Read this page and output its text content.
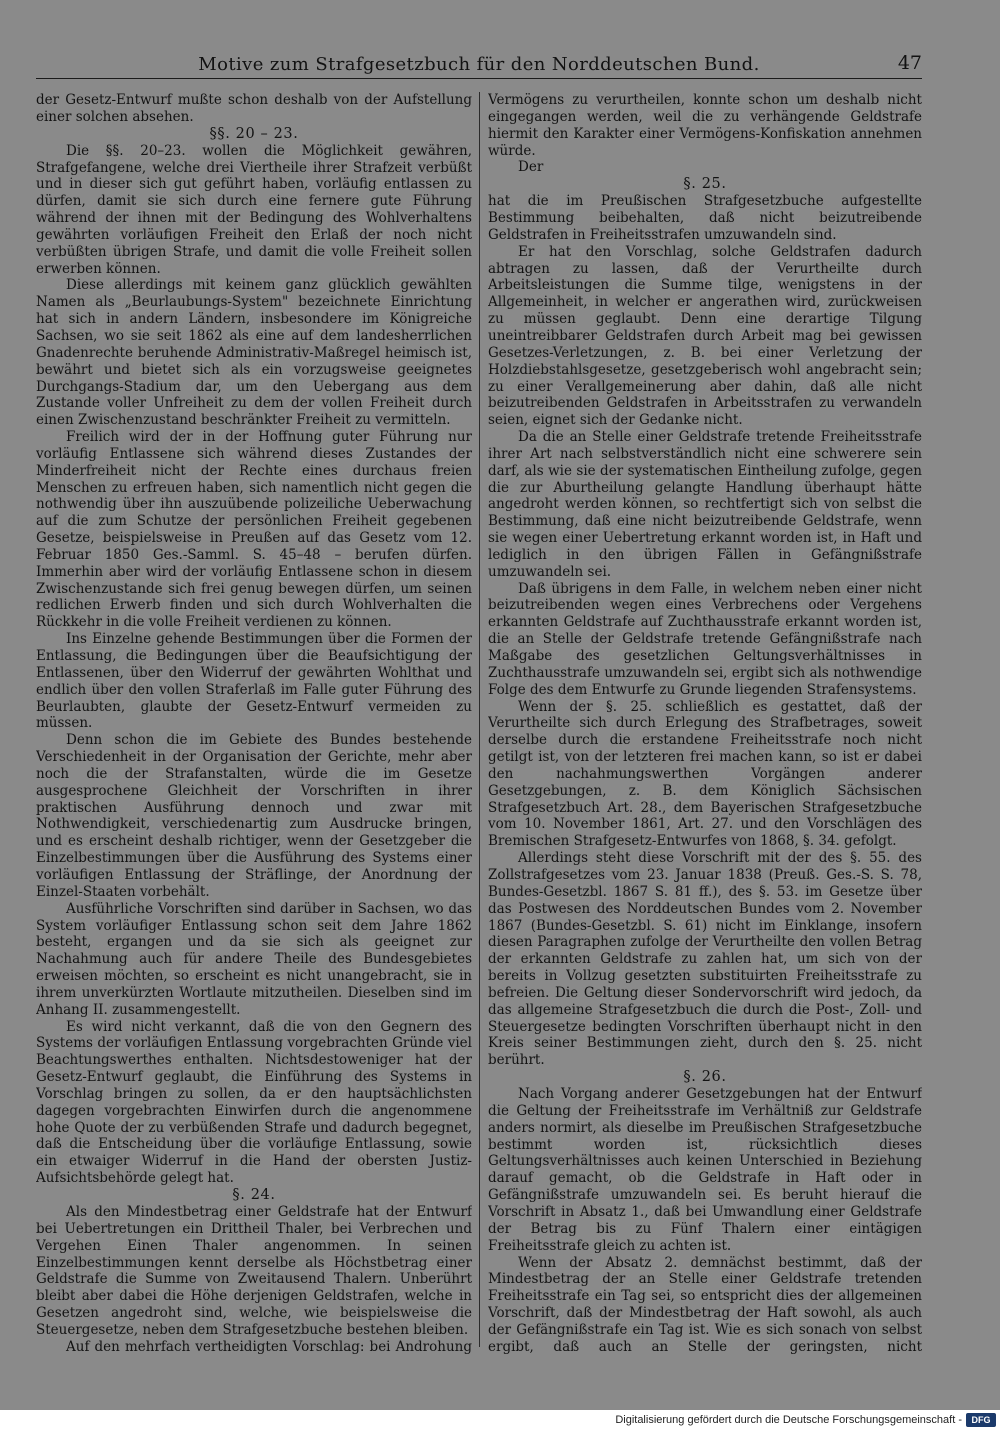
Motive zum Strafgesetzbuch für den Norddeutschen Bund.	47

der Gesetz-Entwurf mußte schon deshalb von der Aufstellung einer solchen absehen.

§§. 20 – 23.

Die §§. 20–23. wollen die Möglichkeit gewähren, Strafgefangene, welche drei Viertheile ihrer Strafzeit verbüßt und in dieser sich gut geführt haben, vorläufig entlassen zu dürfen, damit sie sich durch eine fernere gute Führung während der ihnen mit der Bedingung des Wohlverhaltens gewährten vorläufigen Freiheit den Erlaß der noch nicht verbüßten übrigen Strafe, und damit die volle Freiheit sollen erwerben können.

Diese allerdings mit keinem ganz glücklich gewählten Namen als „Beurlaubungs-System" bezeichnete Einrichtung hat sich in andern Ländern, insbesondere im Königreiche Sachsen, wo sie seit 1862 als eine auf dem landesherrlichen Gnadenrechte beruhende Administrativ-Maßregel heimisch ist, bewährt und bietet sich als ein vorzugsweise geeignetes Durchgangs-Stadium dar, um den Uebergang aus dem Zustande voller Unfreiheit zu dem der vollen Freiheit durch einen Zwischenzustand beschränkter Freiheit zu vermitteln.

Freilich wird der in der Hoffnung guter Führung nur vorläufig Entlassene sich während dieses Zustandes der Minderfreiheit nicht der Rechte eines durchaus freien Menschen zu erfreuen haben, sich namentlich nicht gegen die nothwendig über ihn auszuübende polizeiliche Ueberwachung auf die zum Schutze der persönlichen Freiheit gegebenen Gesetze, beispielsweise in Preußen auf das Gesetz vom 12. Februar 1850 Ges.-Samml. S. 45–48 – berufen dürfen. Immerhin aber wird der vorläufig Entlassene schon in diesem Zwischenzustande sich frei genug bewegen dürfen, um seinen redlichen Erwerb finden und sich durch Wohlverhalten die Rückkehr in die volle Freiheit verdienen zu können.

Ins Einzelne gehende Bestimmungen über die Formen der Entlassung, die Bedingungen über die Beaufsichtigung der Entlassenen, über den Widerruf der gewährten Wohlthat und endlich über den vollen Straferlaß im Falle guter Führung des Beurlaubten, glaubte der Gesetz-Entwurf vermeiden zu müssen.

Denn schon die im Gebiete des Bundes bestehende Verschiedenheit in der Organisation der Gerichte, mehr aber noch die der Strafanstalten, würde die im Gesetze ausgesprochene Gleichheit der Vorschriften in ihrer praktischen Ausführung dennoch und zwar mit Nothwendigkeit, verschiedenartig zum Ausdrucke bringen, und es erscheint deshalb richtiger, wenn der Gesetzgeber die Einzelbestimmungen über die Ausführung des Systems einer vorläufigen Entlassung der Sträflinge, der Anordnung der Einzel-Staaten vorbehält.

Ausführliche Vorschriften sind darüber in Sachsen, wo das System vorläufiger Entlassung schon seit dem Jahre 1862 besteht, ergangen und da sie sich als geeignet zur Nachahmung auch für andere Theile des Bundesgebietes erweisen möchten, so erscheint es nicht unangebracht, sie in ihrem unverkürzten Wortlaute mitzutheilen. Dieselben sind im Anhang II. zusammengestellt.

Es wird nicht verkannt, daß die von den Gegnern des Systems der vorläufigen Entlassung vorgebrachten Gründe viel Beachtungswerthes enthalten. Nichtsdestoweniger hat der Gesetz-Entwurf geglaubt, die Einführung des Systems in Vorschlag bringen zu sollen, da er den hauptsächlichsten dagegen vorgebrachten Einwirfen durch die angenommene hohe Quote der zu verbüßenden Strafe und dadurch begegnet, daß die Entscheidung über die vorläufige Entlassung, sowie ein etwaiger Widerruf in die Hand der obersten Justiz-Aufsichtsbehörde gelegt hat.

§. 24.

Als den Mindestbetrag einer Geldstrafe hat der Entwurf bei Uebertretungen ein Drittheil Thaler, bei Verbrechen und Vergehen Einen Thaler angenommen. In seinen Einzelbestimmungen kennt derselbe als Höchstbetrag einer Geldstrafe die Summe von Zweitausend Thalern. Unberührt bleibt aber dabei die Höhe derjenigen Geldstrafen, welche in Gesetzen angedroht sind, welche, wie beispielsweise die Steuergesetze, neben dem Strafgesetzbuche bestehen bleiben.

Auf den mehrfach vertheidigten Vorschlag: bei Androhung

Vermögens zu verurtheilen, konnte schon um deshalb nicht eingegangen werden, weil die zu verhängende Geldstrafe hiermit den Karakter einer Vermögens-Konfiskation annehmen würde.

Der

§. 25.

hat die im Preußischen Strafgesetzbuche aufgestellte Bestimmung beibehalten, daß nicht beizutreibende Geldstrafen in Freiheitsstrafen umzuwandeln sind.

Er hat den Vorschlag, solche Geldstrafen dadurch abtragen zu lassen, daß der Verurtheilte durch Arbeitsleistungen die Summe tilge, wenigstens in der Allgemeinheit, in welcher er angerathen wird, zurückweisen zu müssen geglaubt. Denn eine derartige Tilgung uneintreibbarer Geldstrafen durch Arbeit mag bei gewissen Gesetzes-Verletzungen, z. B. bei einer Verletzung der Holzdiebstahlsgesetze, gesetzgeberisch wohl angebracht sein; zu einer Verallgemeinerung aber dahin, daß alle nicht beizutreibenden Geldstrafen in Arbeitsstrafen zu verwandeln seien, eignet sich der Gedanke nicht.

Da die an Stelle einer Geldstrafe tretende Freiheitsstrafe ihrer Art nach selbstverständlich nicht eine schwerere sein darf, als wie sie der systematischen Eintheilung zufolge, gegen die zur Aburtheilung gelangte Handlung überhaupt hätte angedroht werden können, so rechtfertigt sich von selbst die Bestimmung, daß eine nicht beizutreibende Geldstrafe, wenn sie wegen einer Uebertretung erkannt worden ist, in Haft und lediglich in den übrigen Fällen in Gefängnißstrafe umzuwandeln sei.

Daß übrigens in dem Falle, in welchem neben einer nicht beizutreibenden wegen eines Verbrechens oder Vergehens erkannten Geldstrafe auf Zuchthausstrafe erkannt worden ist, die an Stelle der Geldstrafe tretende Gefängnißstrafe nach Maßgabe des gesetzlichen Geltungsverhältnisses in Zuchthausstrafe umzuwandeln sei, ergibt sich als nothwendige Folge des dem Entwurfe zu Grunde liegenden Strafensystems.

Wenn der §. 25. schließlich es gestattet, daß der Verurtheilte sich durch Erlegung des Strafbetrages, soweit derselbe durch die erstandene Freiheitsstrafe noch nicht getilgt ist, von der letzteren frei machen kann, so ist er dabei den nachahmungswerthen Vorgängen anderer Gesetzgebungen, z. B. dem Königlich Sächsischen Strafgesetzbuch Art. 28., dem Bayerischen Strafgesetzbuche vom 10. November 1861, Art. 27. und den Vorschlägen des Bremischen Strafgesetz-Entwurfes von 1868, §. 34. gefolgt.

Allerdings steht diese Vorschrift mit der des §. 55. des Zollstrafgesetzes vom 23. Januar 1838 (Preuß. Ges.-S. S. 78, Bundes-Gesetzbl. 1867 S. 81 ff.), des §. 53. im Gesetze über das Postwesen des Norddeutschen Bundes vom 2. November 1867 (Bundes-Gesetzbl. S. 61) nicht im Einklange, insofern diesen Paragraphen zufolge der Verurtheilte den vollen Betrag der erkannten Geldstrafe zu zahlen hat, um sich von der bereits in Vollzug gesetzten substituirten Freiheitsstrafe zu befreien. Die Geltung dieser Sondervorschrift wird jedoch, da das allgemeine Strafgesetzbuch die durch die Post-, Zoll- und Steuergesetze bedingten Vorschriften überhaupt nicht in den Kreis seiner Bestimmungen zieht, durch den §. 25. nicht berührt.

§. 26.

Nach Vorgang anderer Gesetzgebungen hat der Entwurf die Geltung der Freiheitsstrafe im Verhältniß zur Geldstrafe anders normirt, als dieselbe im Preußischen Strafgesetzbuche bestimmt worden ist, rücksichtlich dieses Geltungsverhältnisses auch keinen Unterschied in Beziehung darauf gemacht, ob die Geldstrafe in Haft oder in Gefängnißstrafe umzuwandeln sei. Es beruht hierauf die Vorschrift in Absatz 1., daß bei Umwandlung einer Geldstrafe der Betrag bis zu Fünf Thalern einer eintägigen Freiheitsstrafe gleich zu achten ist.

Wenn der Absatz 2. demnächst bestimmt, daß der Mindestbetrag der an Stelle einer Geldstrafe tretenden Freiheitsstrafe ein Tag sei, so entspricht dies der allgemeinen Vorschrift, daß der Mindestbetrag der Haft sowohl, als auch der Gefängnißstrafe ein Tag ist. Wie es sich sonach von selbst ergibt, daß auch an Stelle der geringsten, nicht

Digitalisierung gefördert durch die Deutsche Forschungsgemeinschaft -	DFG
